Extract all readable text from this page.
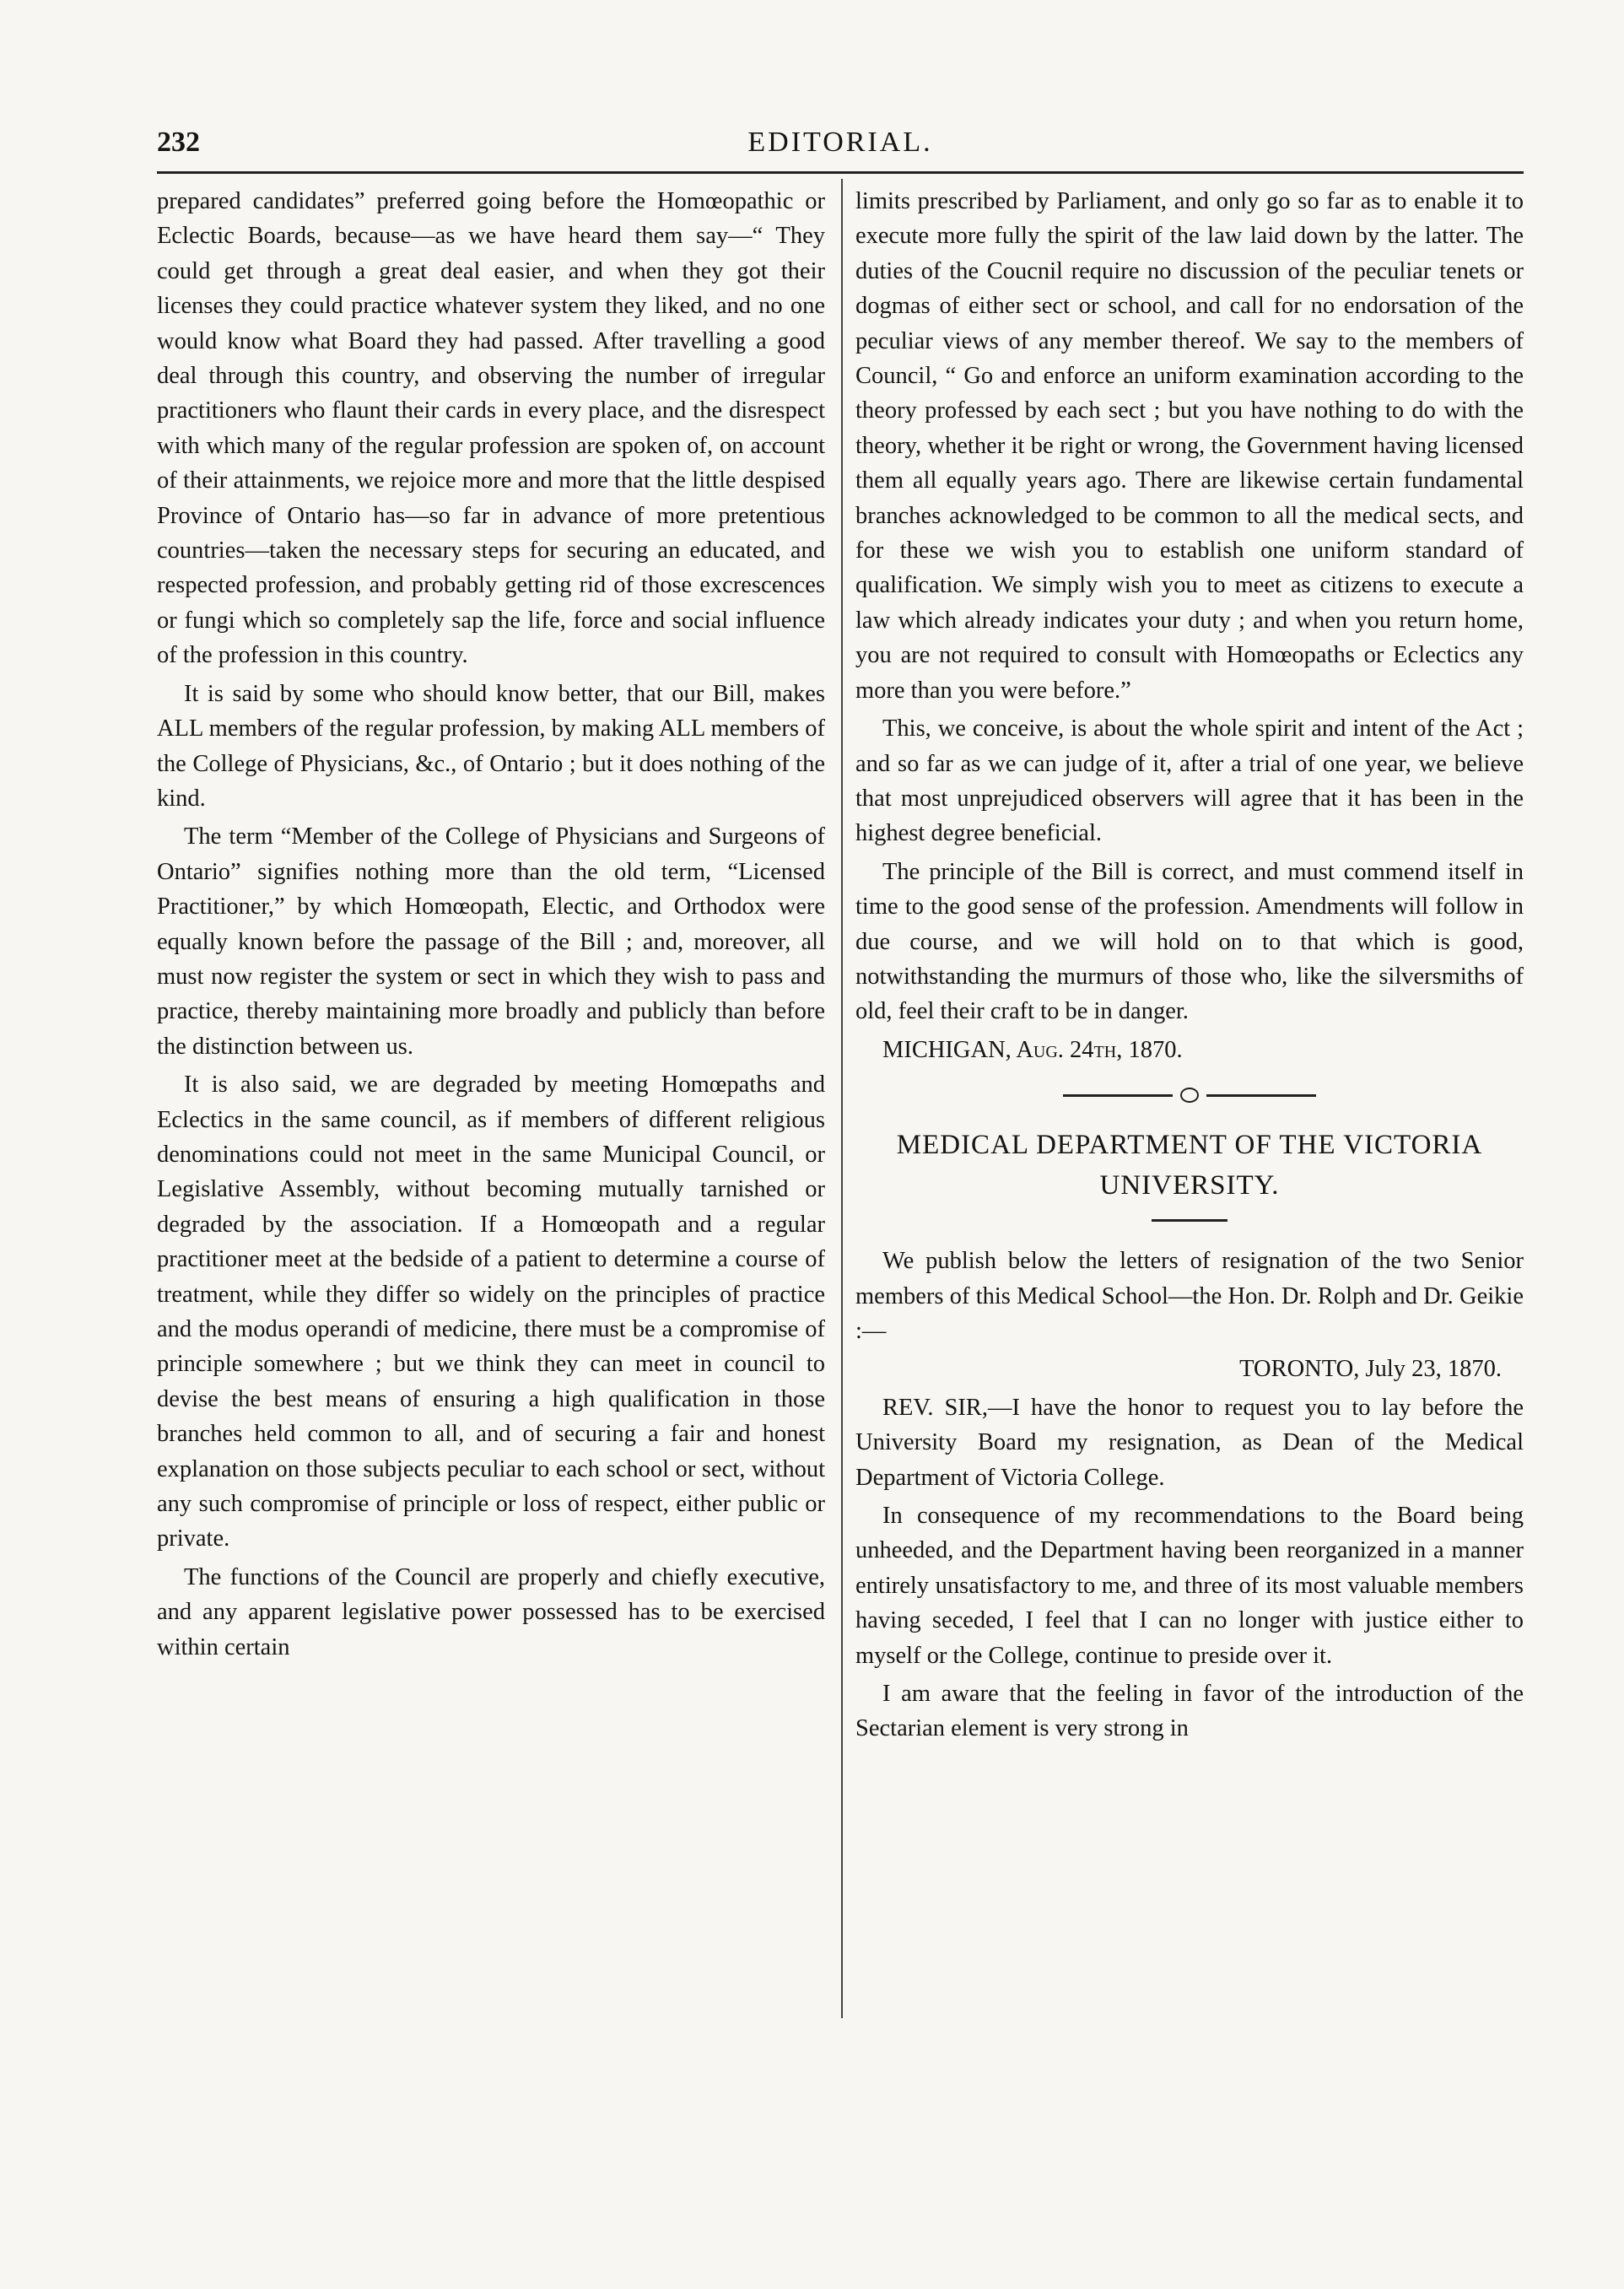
232	EDITORIAL.

prepared candidates” preferred going before the Homœopathic or Eclectic Boards, because—as we have heard them say—“ They could get through a great deal easier, and when they got their licenses they could practice whatever system they liked, and no one would know what Board they had passed. After travelling a good deal through this country, and observing the number of irregular practitioners who flaunt their cards in every place, and the disrespect with which many of the regular profession are spoken of, on account of their attainments, we rejoice more and more that the little despised Province of Ontario has—so far in advance of more pretentious countries—taken the necessary steps for securing an educated, and respected profession, and probably getting rid of those excrescences or fungi which so completely sap the life, force and social influence of the profession in this country.

It is said by some who should know better, that our Bill, makes ALL members of the regular profession, by making ALL members of the College of Physicians, &c., of Ontario ; but it does nothing of the kind.

The term “Member of the College of Physicians and Surgeons of Ontario” signifies nothing more than the old term, “Licensed Practitioner,” by which Homœopath, Electic, and Orthodox were equally known before the passage of the Bill ; and, moreover, all must now register the system or sect in which they wish to pass and practice, thereby maintaining more broadly and publicly than before the distinction between us.

It is also said, we are degraded by meeting Homœpaths and Eclectics in the same council, as if members of different religious denominations could not meet in the same Municipal Council, or Legislative Assembly, without becoming mutually tarnished or degraded by the association. If a Homœopath and a regular practitioner meet at the bedside of a patient to determine a course of treatment, while they differ so widely on the principles of practice and the modus operandi of medicine, there must be a compromise of principle somewhere ; but we think they can meet in council to devise the best means of ensuring a high qualification in those branches held common to all, and of securing a fair and honest explanation on those subjects peculiar to each school or sect, without any such compromise of principle or loss of respect, either public or private.

The functions of the Council are properly and chiefly executive, and any apparent legislative power possessed has to be exercised within certain

limits prescribed by Parliament, and only go so far as to enable it to execute more fully the spirit of the law laid down by the latter. The duties of the Coucnil require no discussion of the peculiar tenets or dogmas of either sect or school, and call for no endorsation of the peculiar views of any member thereof. We say to the members of Council, “ Go and enforce an uniform examination according to the theory professed by each sect ; but you have nothing to do with the theory, whether it be right or wrong, the Government having licensed them all equally years ago. There are likewise certain fundamental branches acknowledged to be common to all the medical sects, and for these we wish you to establish one uniform standard of qualification. We simply wish you to meet as citizens to execute a law which already indicates your duty ; and when you return home, you are not required to consult with Homœopaths or Eclectics any more than you were before.”

This, we conceive, is about the whole spirit and intent of the Act ; and so far as we can judge of it, after a trial of one year, we believe that most unprejudiced observers will agree that it has been in the highest degree beneficial.

The principle of the Bill is correct, and must commend itself in time to the good sense of the profession. Amendments will follow in due course, and we will hold on to that which is good, notwithstanding the murmurs of those who, like the silversmiths of old, feel their craft to be in danger.

MICHIGAN, Aug. 24th, 1870.

MEDICAL DEPARTMENT OF THE VICTORIA UNIVERSITY.

We publish below the letters of resignation of the two Senior members of this Medical School—the Hon. Dr. Rolph and Dr. Geikie :—

TORONTO, July 23, 1870.

REV. SIR,—I have the honor to request you to lay before the University Board my resignation, as Dean of the Medical Department of Victoria College.

In consequence of my recommendations to the Board being unheeded, and the Department having been reorganized in a manner entirely unsatisfactory to me, and three of its most valuable members having seceded, I feel that I can no longer with justice either to myself or the College, continue to preside over it.

I am aware that the feeling in favor of the introduction of the Sectarian element is very strong in
